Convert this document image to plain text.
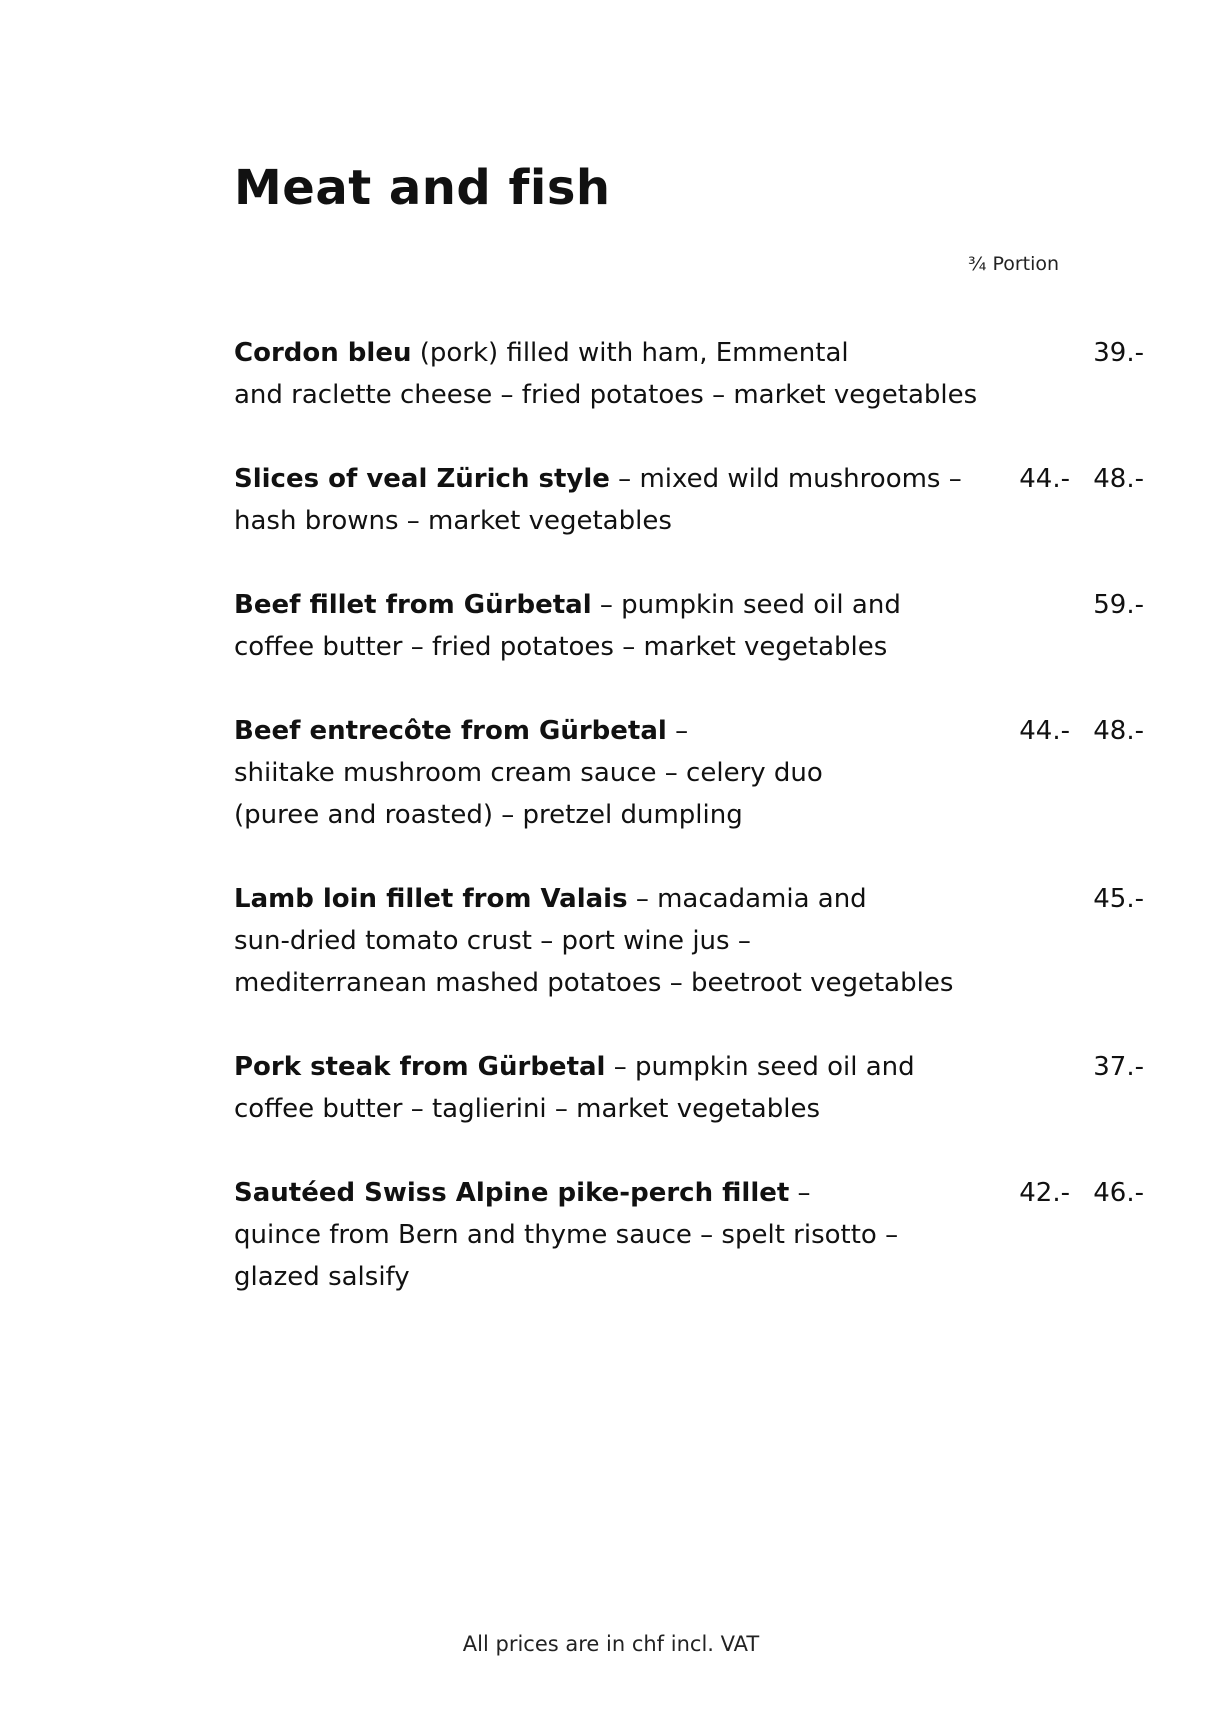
Meat and fish
¾ Portion
Cordon bleu (pork) filled with ham, Emmental
and raclette cheese – fried potatoes – market vegetables
39.-
Slices of veal Zürich style – mixed wild mushrooms –
hash browns – market vegetables
44.- 48.-
Beef fillet from Gürbetal – pumpkin seed oil and
coffee butter – fried potatoes – market vegetables
59.-
Beef entrecôte from Gürbetal –
shiitake mushroom cream sauce – celery duo
(puree and roasted) – pretzel dumpling
44.- 48.-
Lamb loin fillet from Valais – macadamia and
sun-dried tomato crust – port wine jus –
mediterranean mashed potatoes – beetroot vegetables
45.-
Pork steak from Gürbetal – pumpkin seed oil and
coffee butter – taglierini – market vegetables
37.-
Sautéed Swiss Alpine pike-perch fillet –
quince from Bern and thyme sauce – spelt risotto –
glazed salsify
42.- 46.-
All prices are in chf incl. VAT
